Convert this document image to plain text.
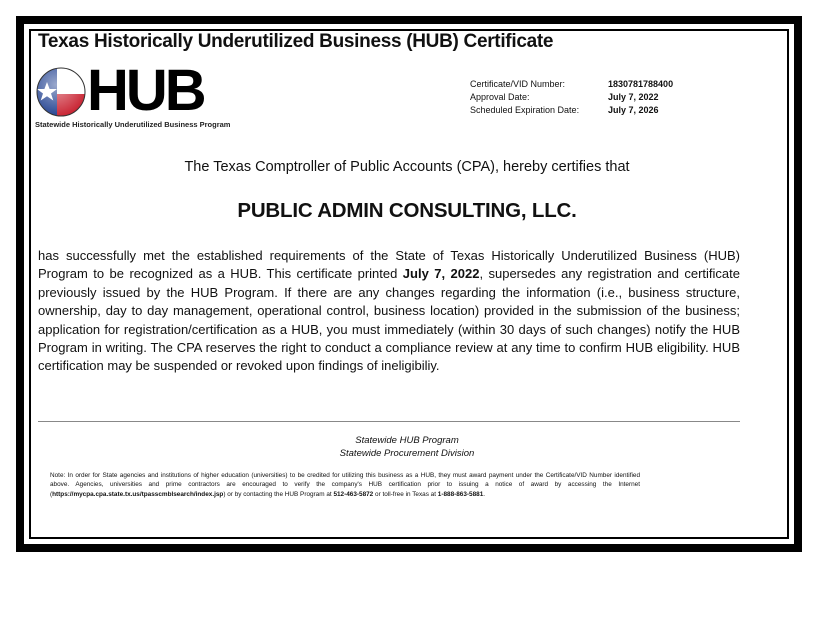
Texas Historically Underutilized Business (HUB) Certificate
HUB
Statewide Historically Underutilized Business Program
Certificate/VID Number:	1830781788400
Approval Date:	July 7, 2022
Scheduled Expiration Date:	July 7, 2026
The Texas Comptroller of Public Accounts (CPA), hereby certifies that
PUBLIC ADMIN CONSULTING, LLC.
has successfully met the established requirements of the State of Texas Historically Underutilized Business (HUB) Program to be recognized as a HUB. This certificate printed July 7, 2022, supersedes any registration and certificate previously issued by the HUB Program. If there are any changes regarding the information (i.e., business structure, ownership, day to day management, operational control, business location) provided in the submission of the business; application for registration/certification as a HUB, you must immediately (within 30 days of such changes) notify the HUB Program in writing. The CPA reserves the right to conduct a compliance review at any time to confirm HUB eligibility. HUB certification may be suspended or revoked upon findings of ineligibiliy.
Statewide HUB Program
Statewide Procurement Division
Note: In order for State agencies and institutions of higher education (universities) to be credited for utilizing this business as a HUB, they must award payment under the Certificate/VID Number identified above. Agencies, universities and prime contractors are encouraged to verify the company's HUB certification prior to issuing a notice of award by accessing the Internet (https://mycpa.cpa.state.tx.us/tpasscmblsearch/index.jsp) or by contacting the HUB Program at 512-463-5872 or toll-free in Texas at 1-888-863-5881.
